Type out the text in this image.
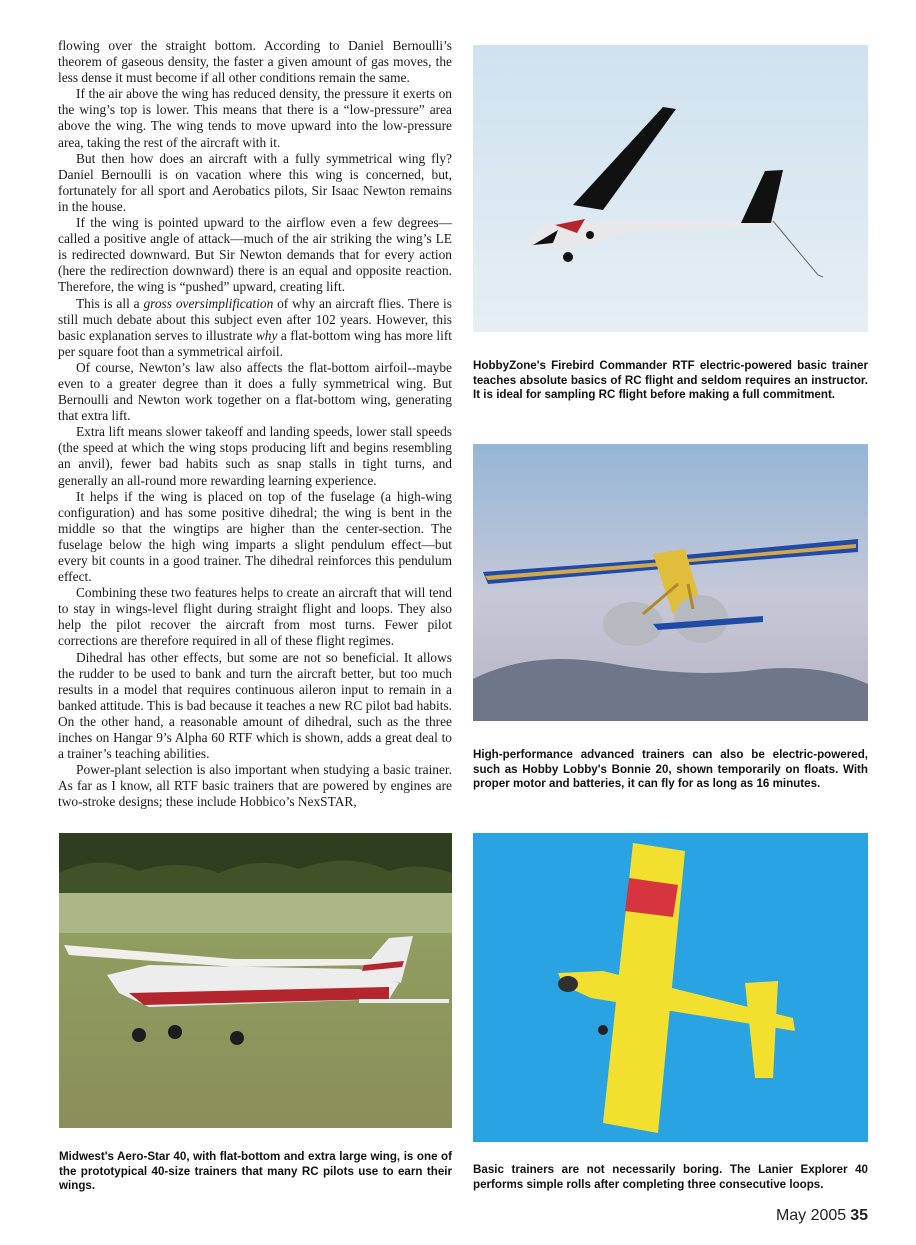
flowing over the straight bottom. According to Daniel Bernoulli’s theorem of gaseous density, the faster a given amount of gas moves, the less dense it must become if all other conditions remain the same.

If the air above the wing has reduced density, the pressure it exerts on the wing’s top is lower. This means that there is a “low-pressure” area above the wing. The wing tends to move upward into the low-pressure area, taking the rest of the aircraft with it.

But then how does an aircraft with a fully symmetrical wing fly? Daniel Bernoulli is on vacation where this wing is concerned, but, fortunately for all sport and Aerobatics pilots, Sir Isaac Newton remains in the house.

If the wing is pointed upward to the airflow even a few degrees—called a positive angle of attack—much of the air striking the wing’s LE is redirected downward. But Sir Newton demands that for every action (here the redirection downward) there is an equal and opposite reaction. Therefore, the wing is “pushed” upward, creating lift.

This is all a gross oversimplification of why an aircraft flies. There is still much debate about this subject even after 102 years. However, this basic explanation serves to illustrate why a flat-bottom wing has more lift per square foot than a symmetrical airfoil.

Of course, Newton’s law also affects the flat-bottom airfoil--maybe even to a greater degree than it does a fully symmetrical wing. But Bernoulli and Newton work together on a flat-bottom wing, generating that extra lift.

Extra lift means slower takeoff and landing speeds, lower stall speeds (the speed at which the wing stops producing lift and begins resembling an anvil), fewer bad habits such as snap stalls in tight turns, and generally an all-round more rewarding learning experience.

It helps if the wing is placed on top of the fuselage (a high-wing configuration) and has some positive dihedral; the wing is bent in the middle so that the wingtips are higher than the center-section. The fuselage below the high wing imparts a slight pendulum effect—but every bit counts in a good trainer. The dihedral reinforces this pendulum effect.

Combining these two features helps to create an aircraft that will tend to stay in wings-level flight during straight flight and loops. They also help the pilot recover the aircraft from most turns. Fewer pilot corrections are therefore required in all of these flight regimes.

Dihedral has other effects, but some are not so beneficial. It allows the rudder to be used to bank and turn the aircraft better, but too much results in a model that requires continuous aileron input to remain in a banked attitude. This is bad because it teaches a new RC pilot bad habits. On the other hand, a reasonable amount of dihedral, such as the three inches on Hangar 9’s Alpha 60 RTF which is shown, adds a great deal to a trainer’s teaching abilities.

Power-plant selection is also important when studying a basic trainer. As far as I know, all RTF basic trainers that are powered by engines are two-stroke designs; these include Hobbico’s NexSTAR,

HobbyZone's Firebird Commander RTF electric-powered basic trainer teaches absolute basics of RC flight and seldom requires an instructor. It is ideal for sampling RC flight before making a full commitment.
High-performance advanced trainers can also be electric-powered, such as Hobby Lobby's Bonnie 20, shown temporarily on floats. With proper motor and batteries, it can fly for as long as 16 minutes.
Midwest's Aero-Star 40, with flat-bottom and extra large wing, is one of the prototypical 40-size trainers that many RC pilots use to earn their wings.
Basic trainers are not necessarily boring. The Lanier Explorer 40 performs simple rolls after completing three consecutive loops.
May 2005 35
